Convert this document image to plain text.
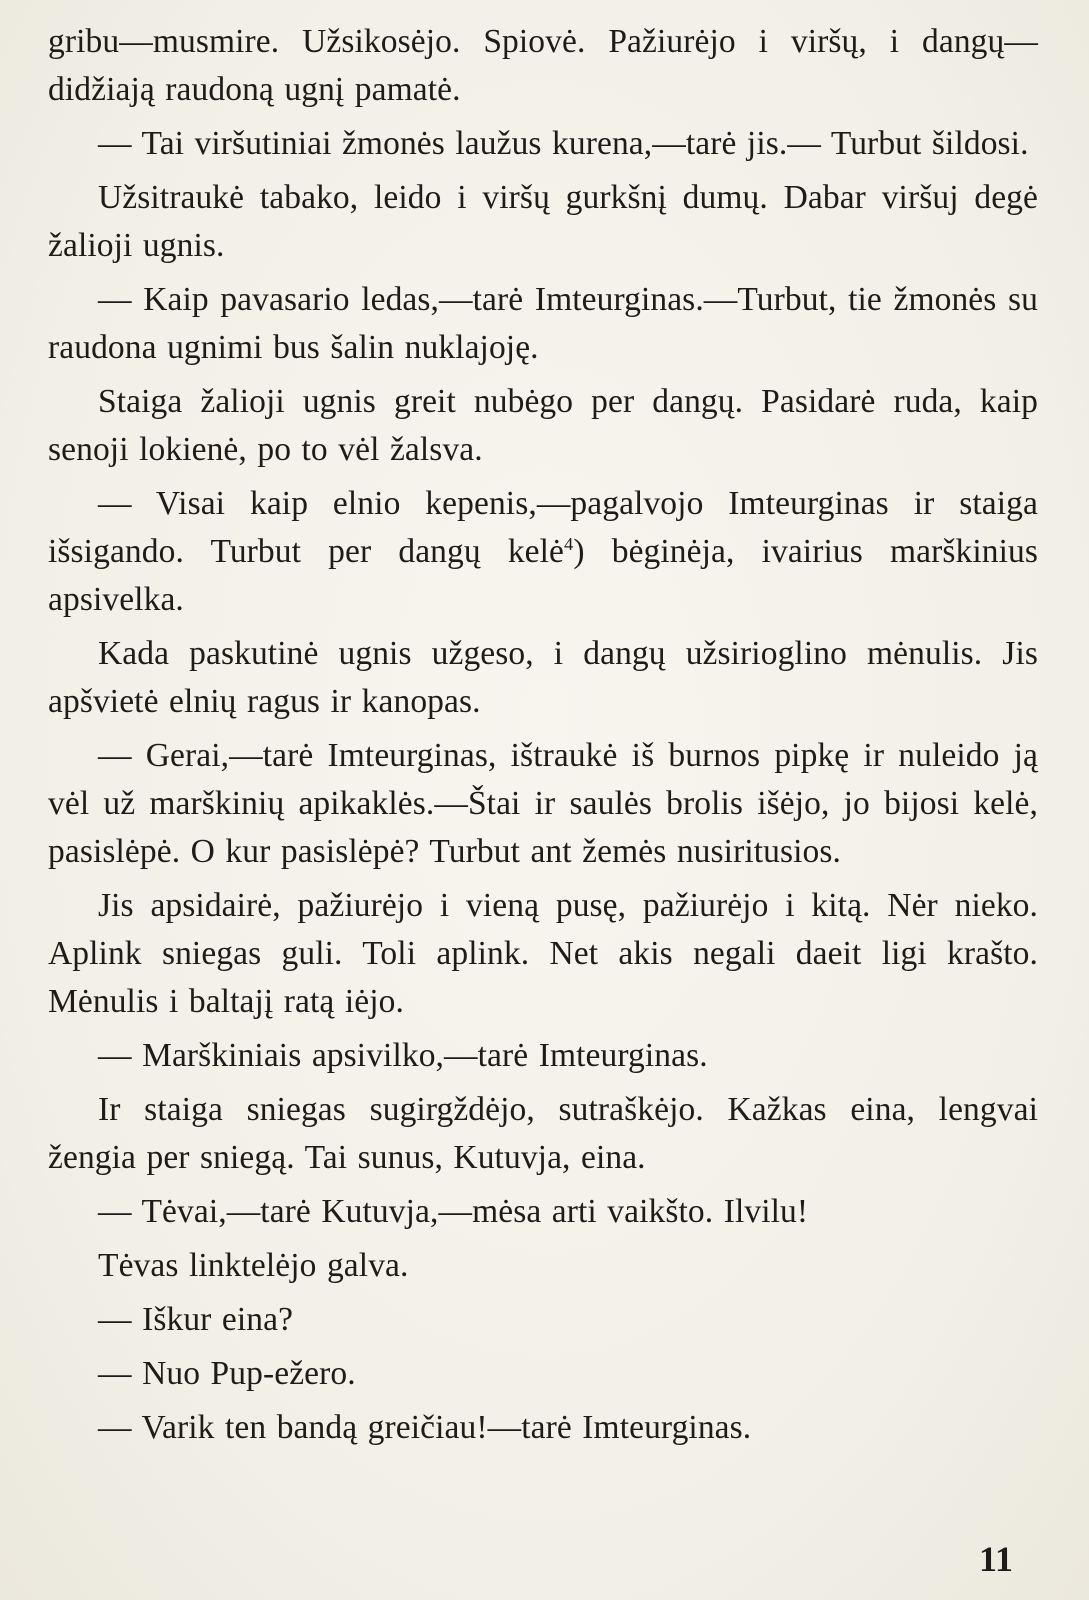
gribu—musmire. Užsikosėjo. Spiovė. Pažiurėjo i viršų, i dangų—didžiają raudoną ugnį pamatė.

— Tai viršutiniai žmonės laužus kurena,—tarė jis.— Turbut šildosi.

Užsitraukė tabako, leido i viršų gurkšnį dumų. Dabar viršuj degė žalioji ugnis.

— Kaip pavasario ledas,—tarė Imteurginas.—Turbut, tie žmonės su raudona ugnimi bus šalin nuklajoję.

Staiga žalioji ugnis greit nubėgo per dangų. Pasidarė ruda, kaip senoji lokienė, po to vėl žalsva.

— Visai kaip elnio kepenis,—pagalvojo Imteurginas ir staiga išsigando. Turbut per dangų kelė$^4$) bėginėja, ivairius marškinius apsivelka.

Kada paskutinė ugnis užgeso, i dangų užsirioglino mėnulis. Jis apšvietė elnių ragus ir kanopas.

— Gerai,—tarė Imteurginas, ištraukė iš burnos pipkę ir nuleido ją vėl už marškinių apikaklės.—Štai ir saulės brolis išėjo, jo bijosi kelė, pasislėpė. O kur pasislėpė? Turbut ant žemės nusiritusios.

Jis apsidairė, pažiurėjo i vieną pusę, pažiurėjo i kitą. Nėr nieko. Aplink sniegas guli. Toli aplink. Net akis negali daeit ligi krašto. Mėnulis i baltajį ratą iėjo.

— Marškiniais apsivilko,—tarė Imteurginas.

Ir staiga sniegas sugirgždėjo, sutraškėjo. Kažkas eina, lengvai žengia per sniegą. Tai sunus, Kutuvja, eina.

— Tėvai,—tarė Kutuvja,—mėsa arti vaikšto. Ilvilu!

Tėvas linktelėjo galva.

— Iškur eina?

— Nuo Pup-ežero.

— Varik ten bandą greičiau!—tarė Imteurginas.

11
